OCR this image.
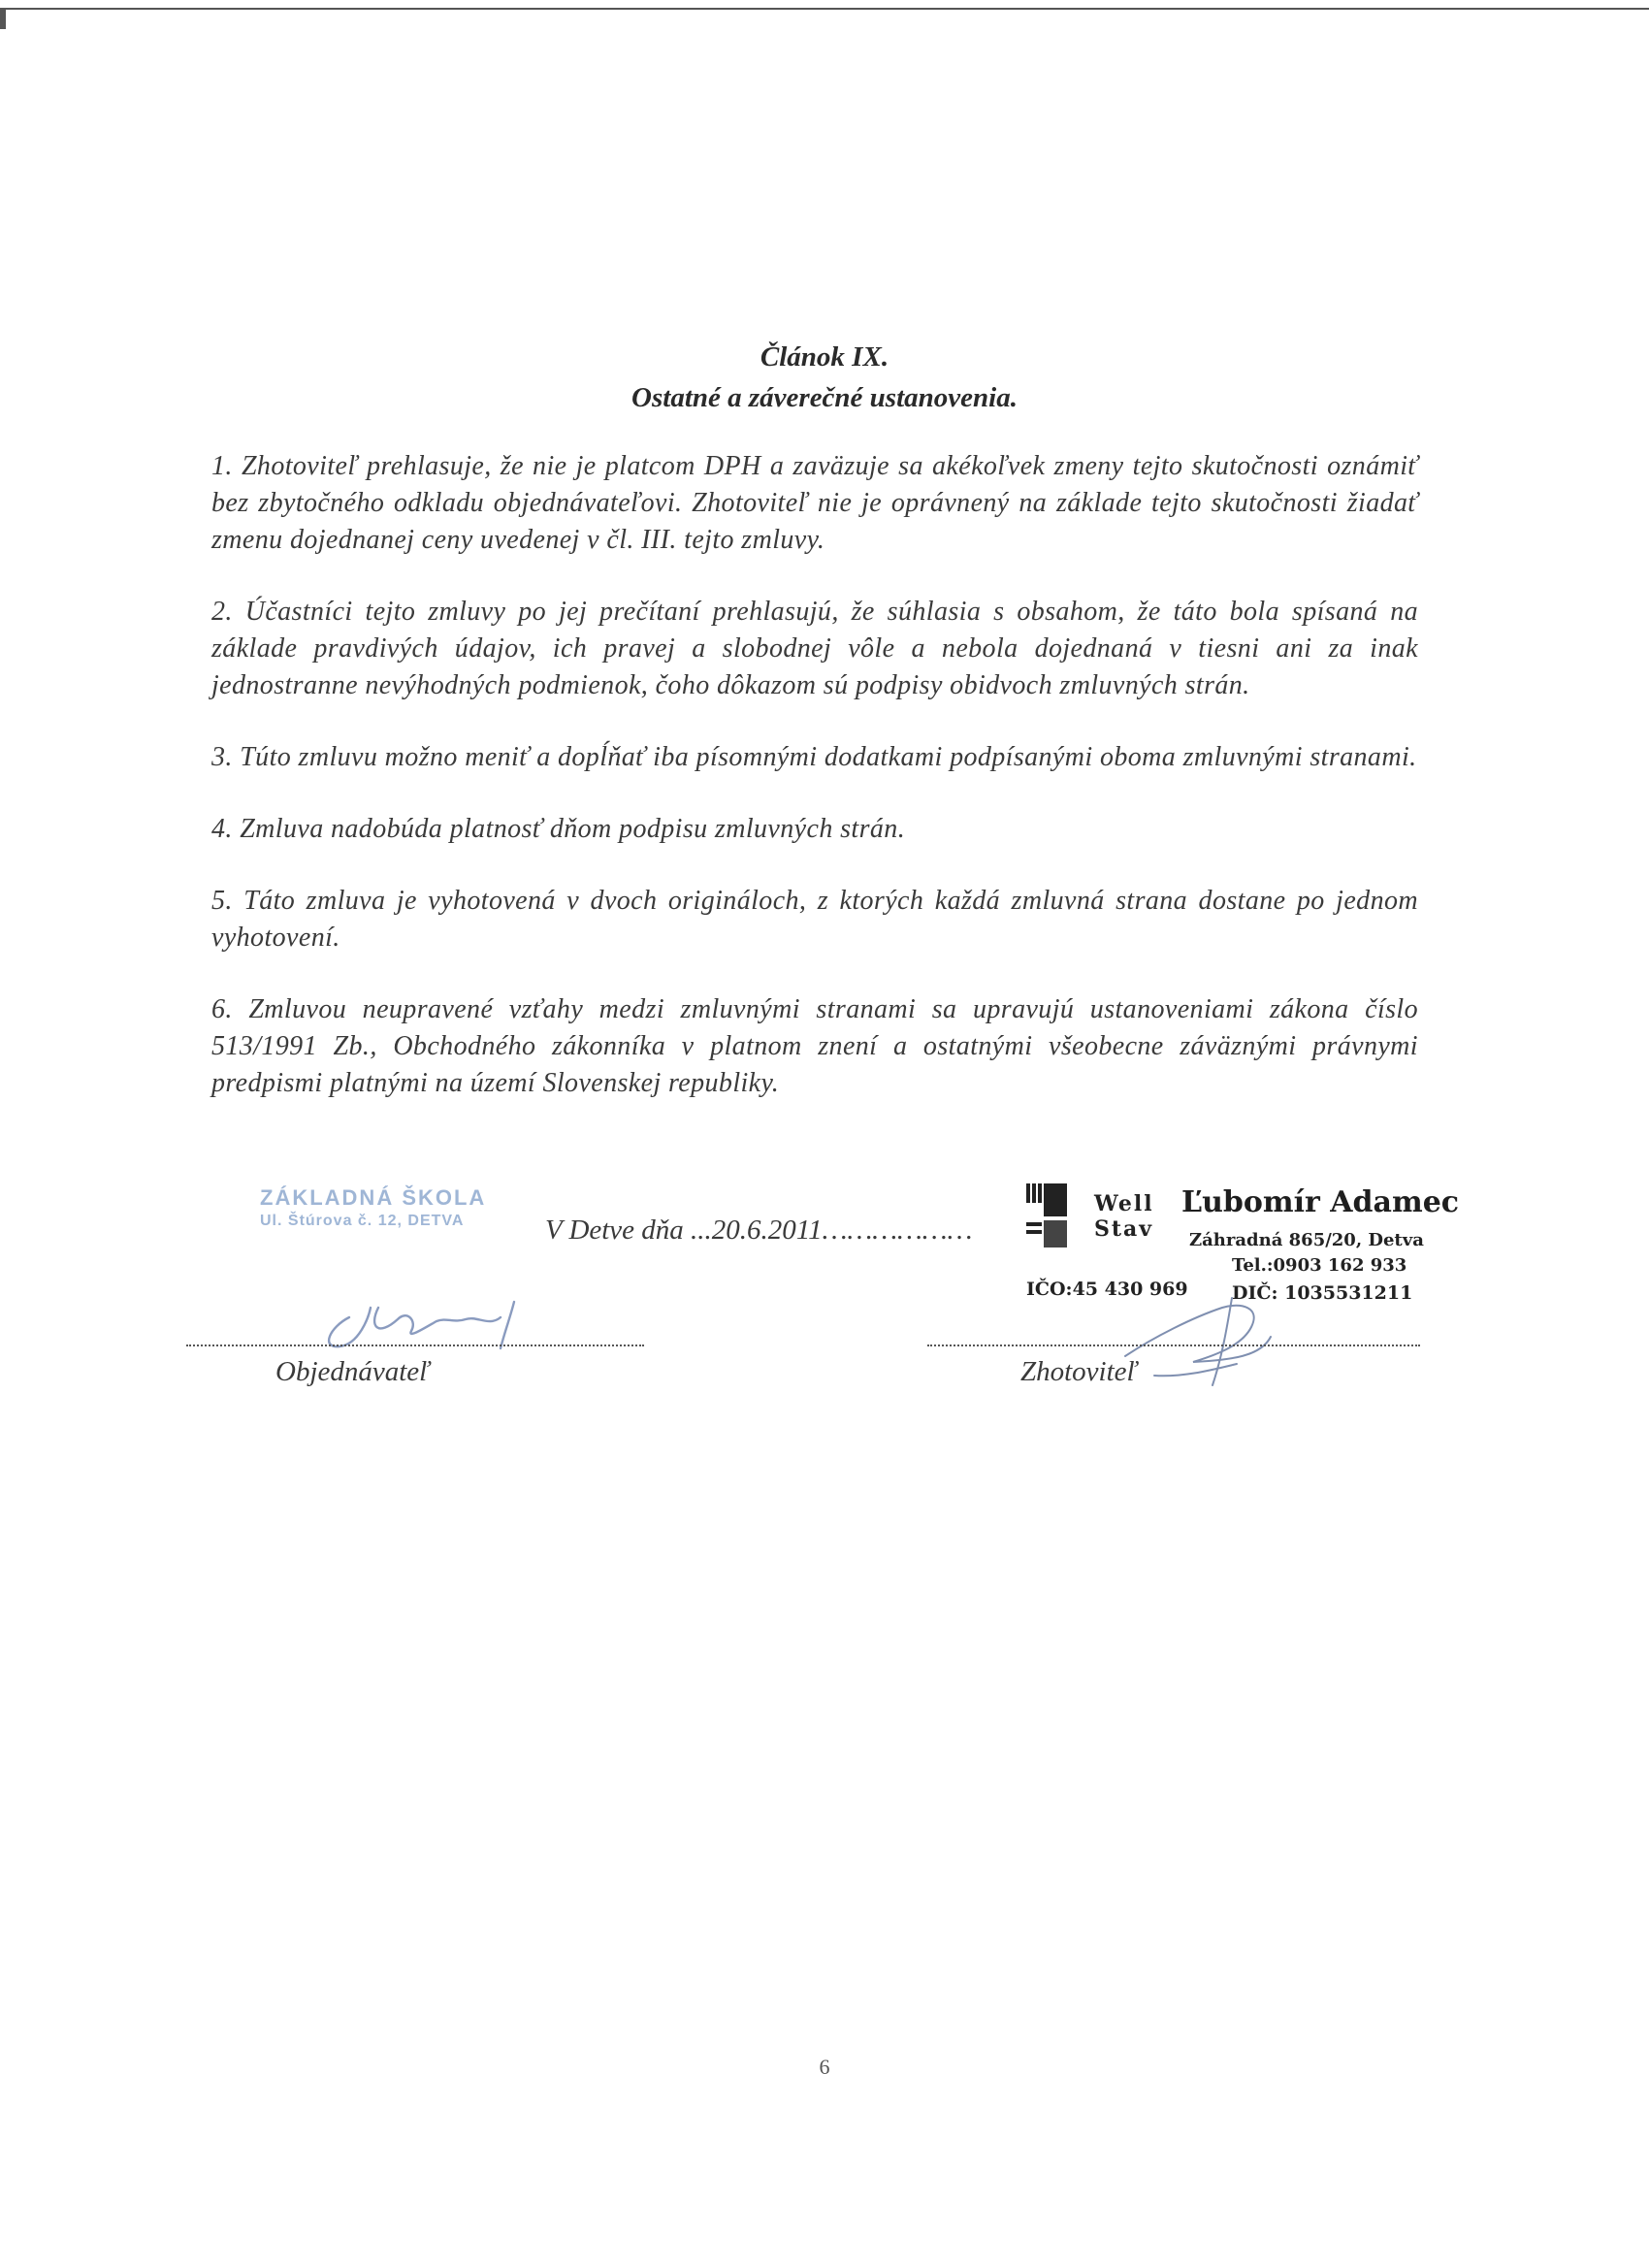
Článok IX.
Ostatné a záverečné ustanovenia.

1. Zhotoviteľ prehlasuje, že nie je platcom DPH a zaväzuje sa akékoľvek zmeny tejto skutočnosti oznámiť bez zbytočného odkladu objednávateľovi. Zhotoviteľ nie je oprávnený na základe tejto skutočnosti žiadať zmenu dojednanej ceny uvedenej v čl. III. tejto zmluvy.

2. Účastníci tejto zmluvy po jej prečítaní prehlasujú, že súhlasia s obsahom, že táto bola spísaná na základe pravdivých údajov, ich pravej a slobodnej vôle a nebola dojednaná v tiesni ani za inak jednostranne nevýhodných podmienok, čoho dôkazom sú podpisy obidvoch zmluvných strán.

3. Túto zmluvu možno meniť a dopĺňať iba písomnými dodatkami podpísanými oboma zmluvnými stranami.

4. Zmluva nadobúda platnosť dňom podpisu zmluvných strán.

5. Táto zmluva je vyhotovená v dvoch origináloch, z ktorých každá zmluvná strana dostane po jednom vyhotovení.

6. Zmluvou neupravené vzťahy medzi zmluvnými stranami sa upravujú ustanoveniami zákona číslo 513/1991 Zb., Obchodného zákonníka v platnom znení a ostatnými všeobecne záväznými právnymi predpismi platnými na území Slovenskej republiky.

ZÁKLADNÁ ŠKOLA
Ul. Štúrova č. 12, DETVA	V Detve dňa ...20.6.2011………………
Well
Stav
Ľubomír Adamec
Záhradná 865/20, Detva
Tel.:0903 162 933
IČO:45 430 969 DIČ: 1035531211
Objednávateľ	Zhotoviteľ
6
